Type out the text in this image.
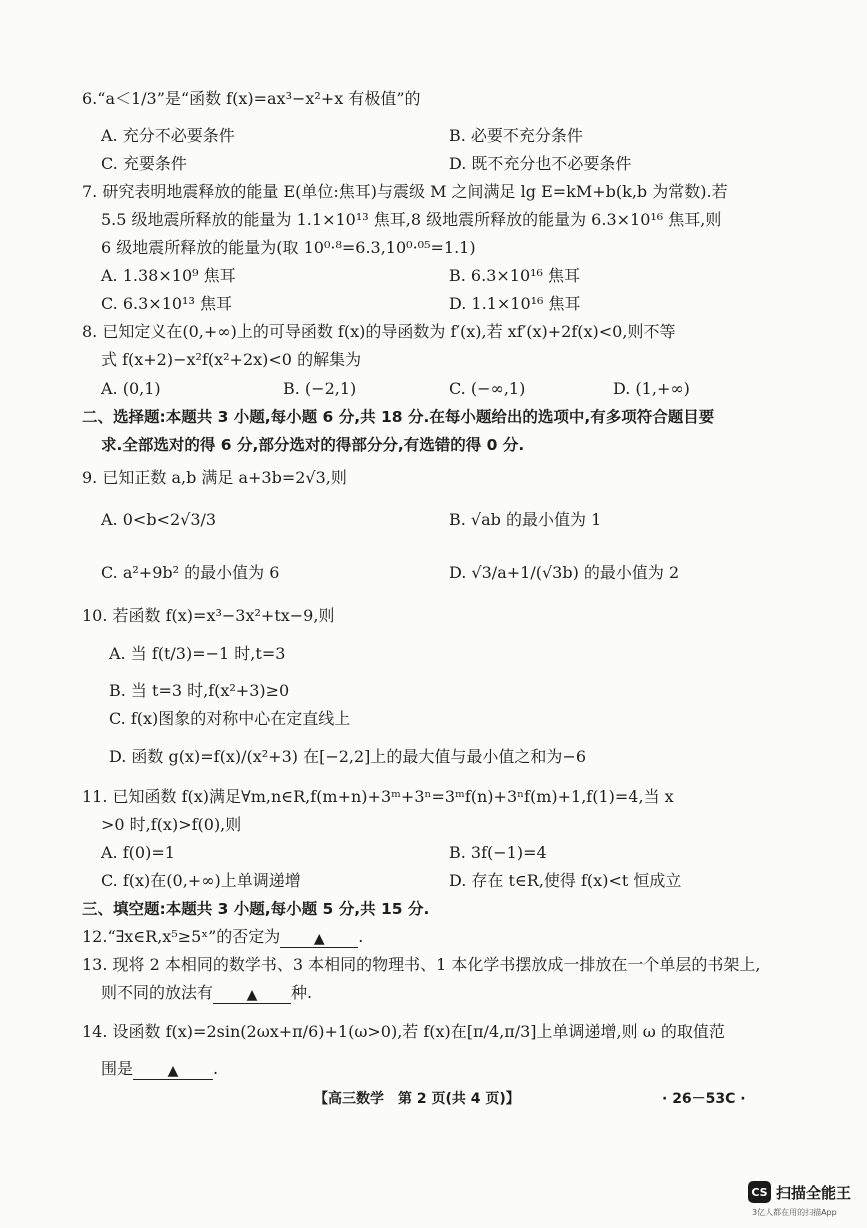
6.“a＜1/3”是“函数 f(x)=ax³−x²+x 有极值”的
A. 充分不必要条件	B. 必要不充分条件
C. 充要条件	D. 既不充分也不必要条件
7. 研究表明地震释放的能量 E(单位:焦耳)与震级 M 之间满足 lg E=kM+b(k,b 为常数).若
5.5 级地震所释放的能量为 1.1×10¹³ 焦耳,8 级地震所释放的能量为 6.3×10¹⁶ 焦耳,则
6 级地震所释放的能量为(取 10⁰·⁸=6.3,10⁰·⁰⁵=1.1)
A. 1.38×10⁹ 焦耳	B. 6.3×10¹⁶ 焦耳
C. 6.3×10¹³ 焦耳	D. 1.1×10¹⁶ 焦耳
8. 已知定义在(0,+∞)上的可导函数 f(x)的导函数为 f′(x),若 xf′(x)+2f(x)<0,则不等
式 f(x+2)−x²f(x²+2x)<0 的解集为
A. (0,1)	B. (−2,1)	C. (−∞,1)	D. (1,+∞)
二、选择题:本题共 3 小题,每小题 6 分,共 18 分.在每小题给出的选项中,有多项符合题目要
求.全部选对的得 6 分,部分选对的得部分分,有选错的得 0 分.
9. 已知正数 a,b 满足 a+3b=2√3,则
A. 0<b<2√3/3	B. √ab 的最小值为 1
C. a²+9b² 的最小值为 6	D. √3/a+1/(√3b) 的最小值为 2
10. 若函数 f(x)=x³−3x²+tx−9,则
A. 当 f(t/3)=−1 时,t=3
B. 当 t=3 时,f(x²+3)≥0
C. f(x)图象的对称中心在定直线上
D. 函数 g(x)=f(x)/(x²+3) 在[−2,2]上的最大值与最小值之和为−6
11. 已知函数 f(x)满足∀m,n∈R,f(m+n)+3ᵐ+3ⁿ=3ᵐf(n)+3ⁿf(m)+1,f(1)=4,当 x
>0 时,f(x)>f(0),则
A. f(0)=1	B. 3f(−1)=4
C. f(x)在(0,+∞)上单调递增	D. 存在 t∈R,使得 f(x)<t 恒成立
三、填空题:本题共 3 小题,每小题 5 分,共 15 分.
12.“∃x∈R,x⁵≥5ˣ”的否定为 ▲ .
13. 现将 2 本相同的数学书、3 本相同的物理书、1 本化学书摆放成一排放在一个单层的书架上,
则不同的放法有 ▲ 种.
14. 设函数 f(x)=2sin(2ωx+π/6)+1(ω>0),若 f(x)在[π/4,π/3]上单调递增,则 ω 的取值范
围是 ▲ .
【高三数学　第 2 页(共 4 页)】	· 26－53C ·
CS 扫描全能王
3亿人都在用的扫描App
